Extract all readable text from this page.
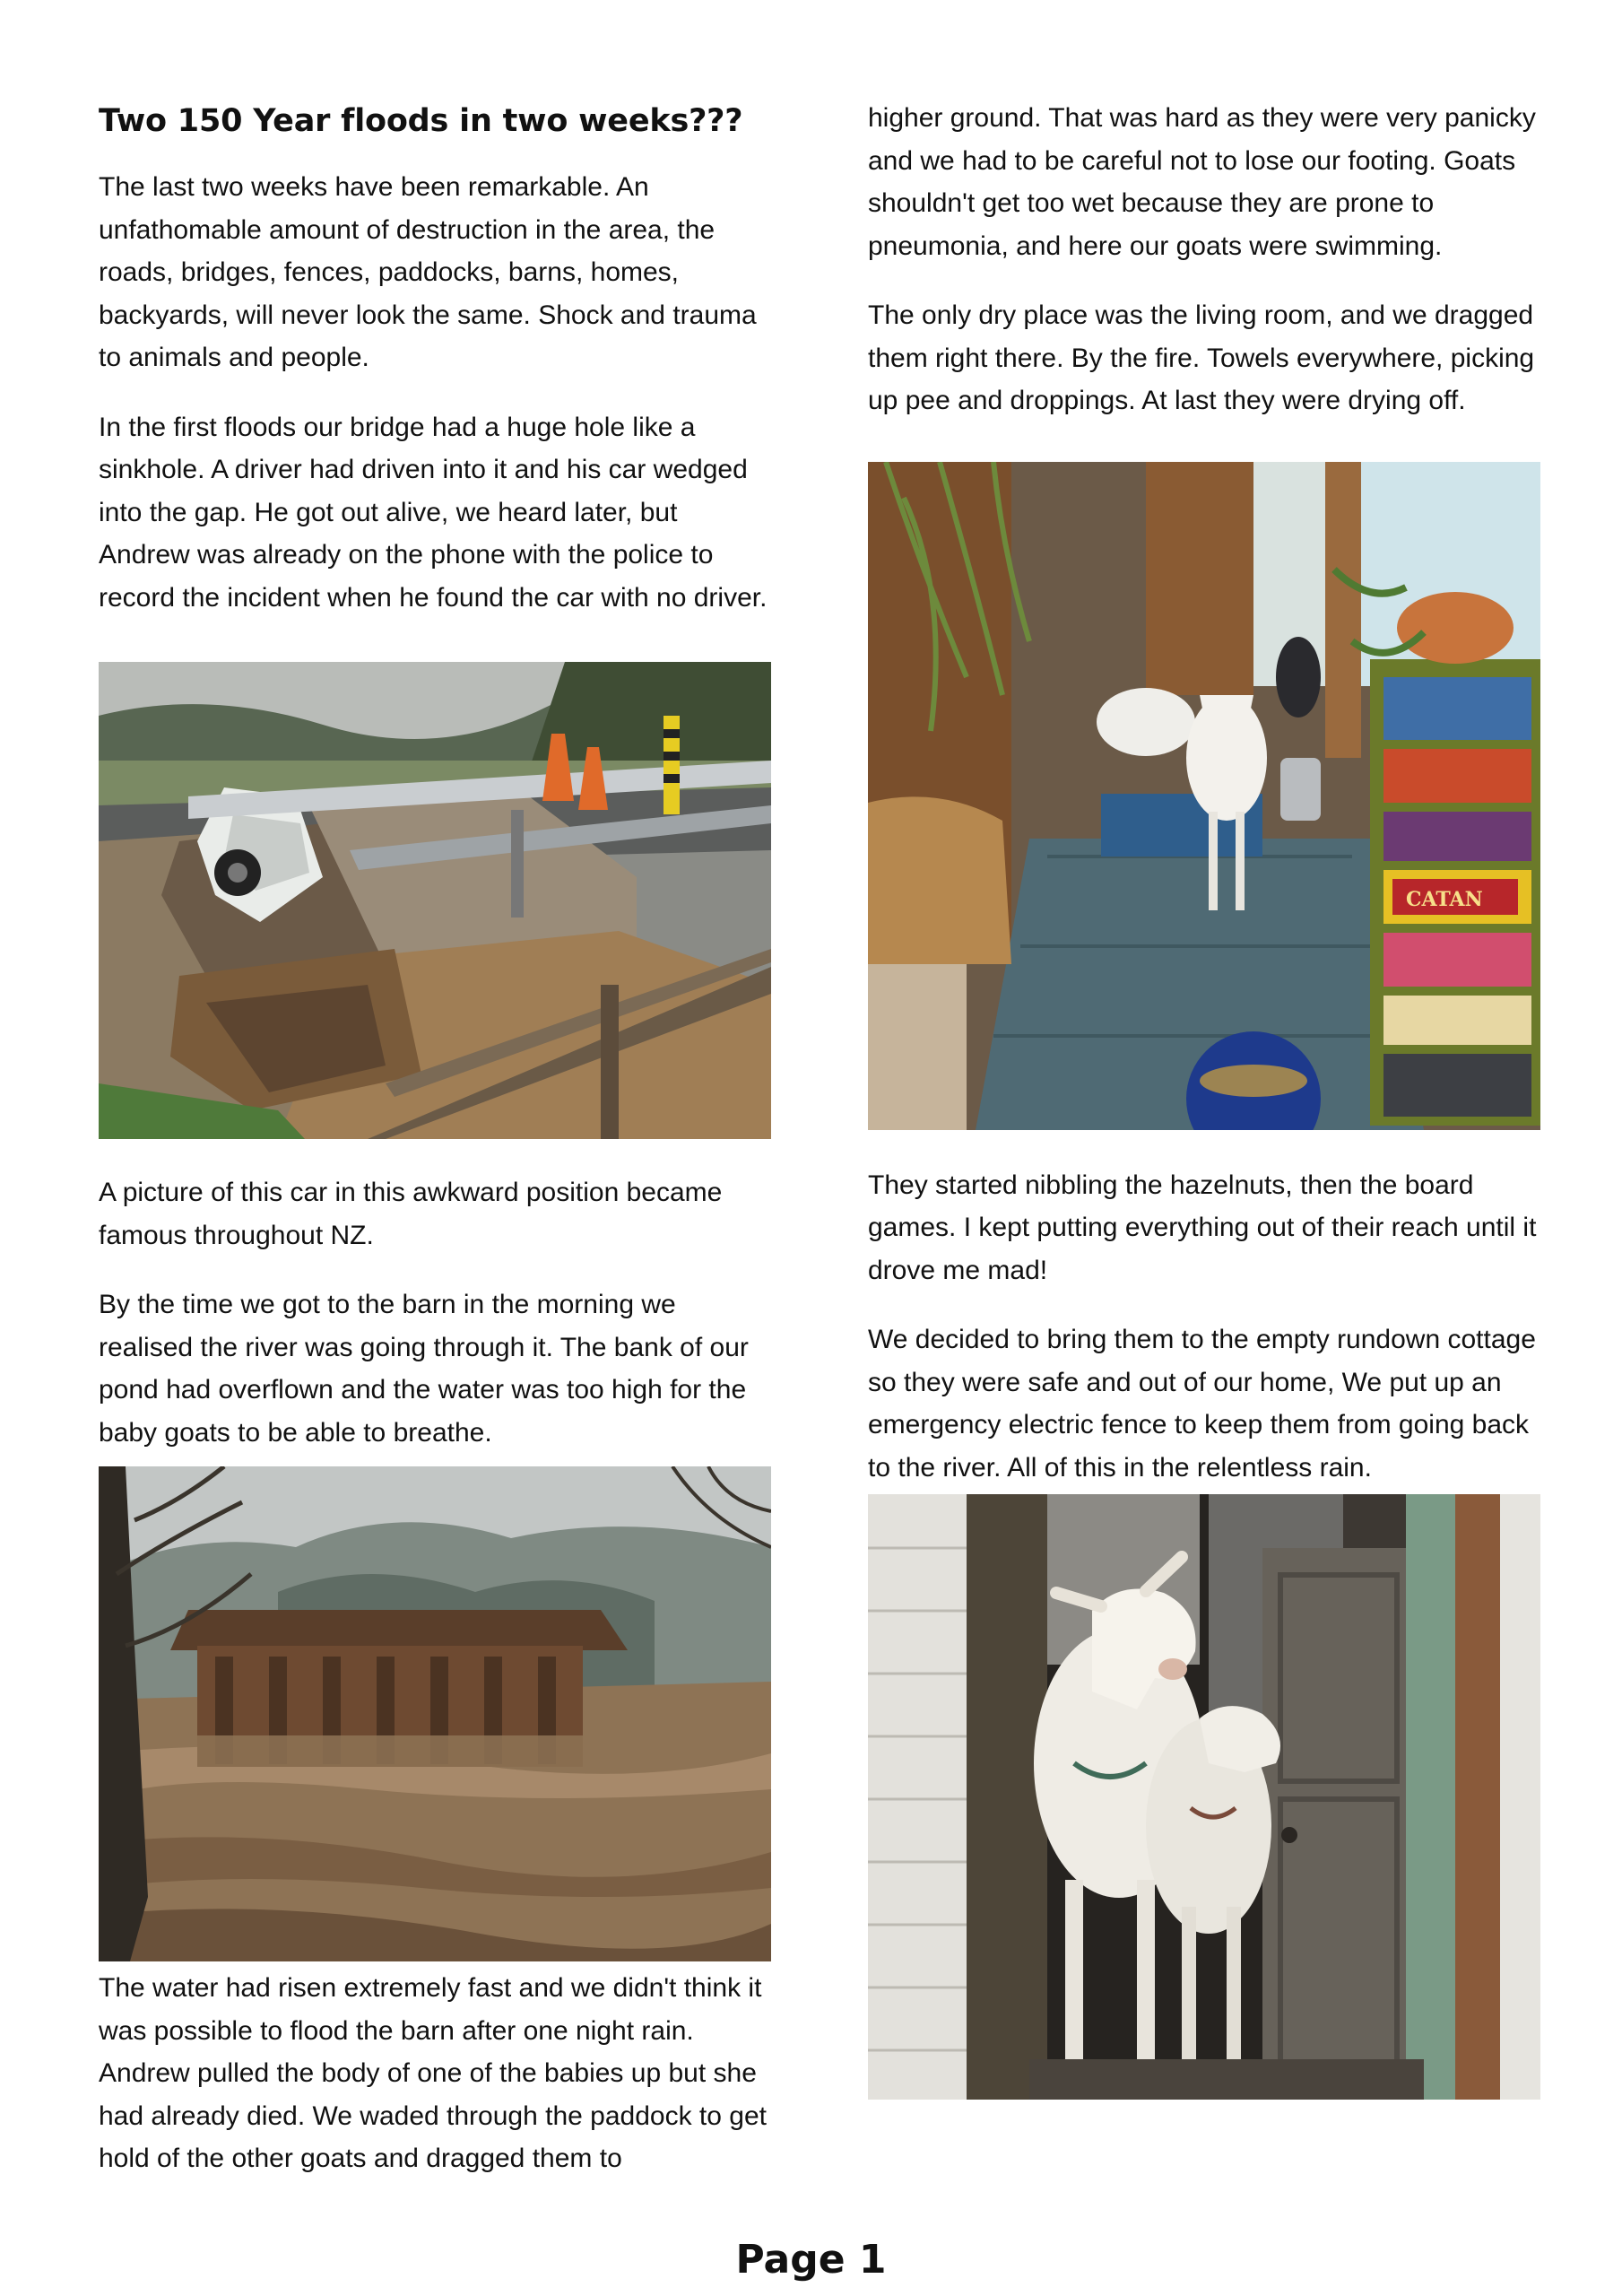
Two 150 Year floods in two weeks???

The last two weeks have been remarkable. An unfathomable amount of destruction in the area, the roads, bridges, fences, paddocks, barns, homes, backyards, will never look the same. Shock and trauma to animals and people.

In the first floods our bridge had a huge hole like a sinkhole. A driver had driven into it and his car wedged into the gap. He got out alive, we heard later, but Andrew was already on the phone with the police to record the incident when he found the car with no driver.

A picture of this car in this awkward position became famous throughout NZ.

By the time we got to the barn in the morning we realised the river was going through it. The bank of our pond had overflown and the water was too high for the baby goats to be able to breathe.

The water had risen extremely fast and we didn't think it was possible to flood the barn after one night rain. Andrew pulled the body of one of the babies up but she had already died. We waded through the paddock to get hold of the other goats and dragged them to

higher ground. That was hard as they were very panicky and we had to be careful not to lose our footing. Goats shouldn't get too wet because they are prone to pneumonia, and here our goats were swimming.

The only dry place was the living room, and we dragged them right there. By the fire. Towels everywhere, picking up pee and droppings. At last they were drying off.

CATAN

They started nibbling the hazelnuts, then the board games. I kept putting everything out of their reach until it drove me mad!

We decided to bring them to the empty rundown cottage so they were safe and out of our home, We put up an emergency electric fence to keep them from going back to the river. All of this in the relentless rain.

Page 1
